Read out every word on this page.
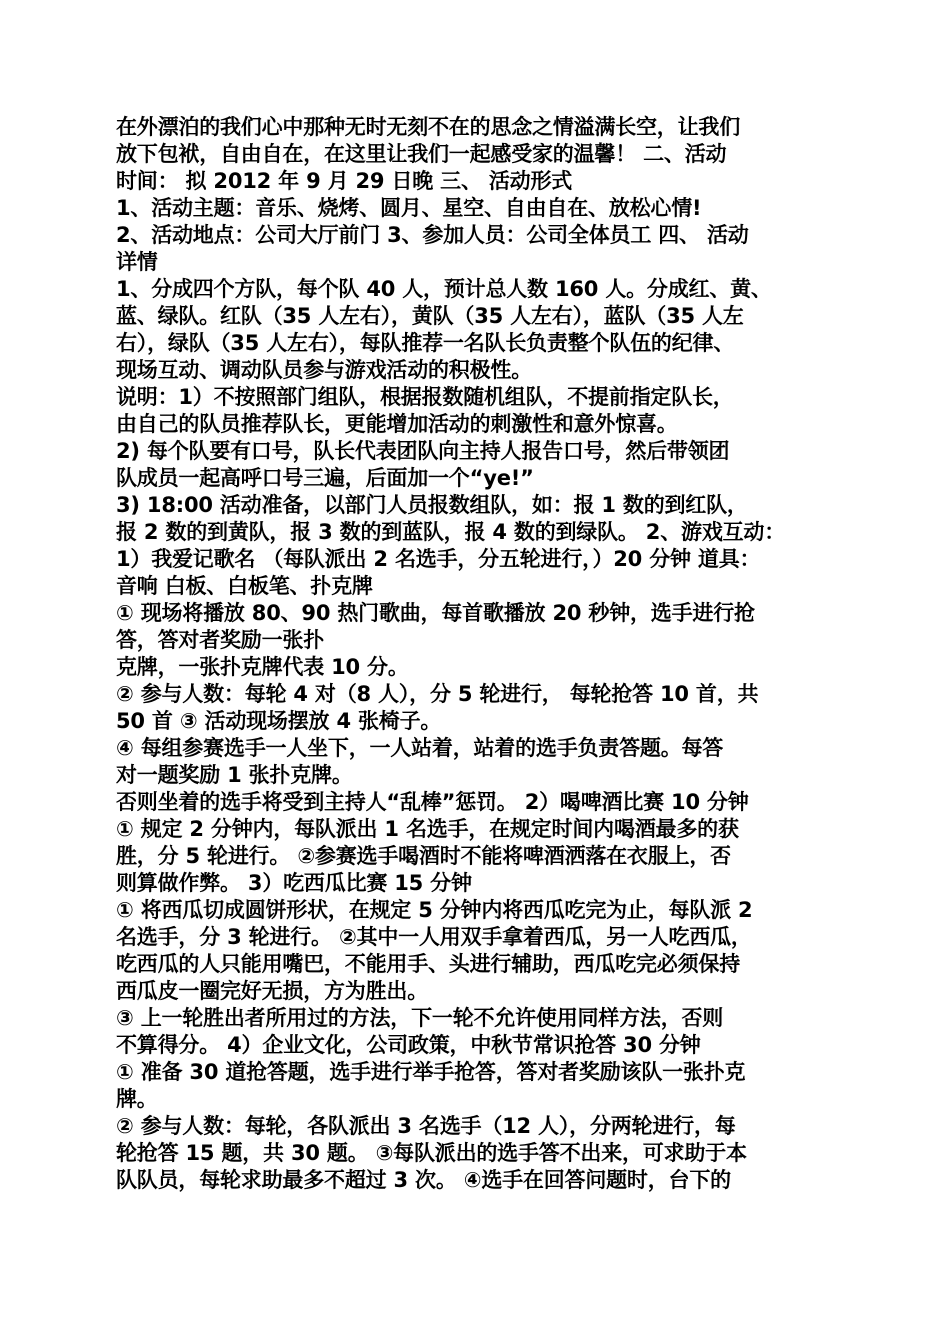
在外漂泊的我们心中那种无时无刻不在的思念之情溢满长空，让我们
放下包袱，自由自在，在这里让我们一起感受家的温馨！ 二、活动
时间： 拟 2012 年 9 月 29 日晚 三、 活动形式
1、活动主题：音乐、烧烤、圆月、星空、自由自在、放松心情!
2、活动地点：公司大厅前门 3、参加人员：公司全体员工 四、 活动
详情
1、分成四个方队，每个队 40 人，预计总人数 160 人。分成红、黄、
蓝、绿队。红队（35 人左右），黄队（35 人左右），蓝队（35 人左
右），绿队（35 人左右），每队推荐一名队长负责整个队伍的纪律、
现场互动、调动队员参与游戏活动的积极性。
说明：1）不按照部门组队，根据报数随机组队，不提前指定队长，
由自己的队员推荐队长，更能增加活动的刺激性和意外惊喜。
2) 每个队要有口号，队长代表团队向主持人报告口号，然后带领团
队成员一起高呼口号三遍，后面加一个“ye!”
3) 18:00 活动准备，以部门人员报数组队，如：报 1 数的到红队，
报 2 数的到黄队，报 3 数的到蓝队，报 4 数的到绿队。 2、游戏互动：
1）我爱记歌名 （每队派出 2 名选手，分五轮进行，）20 分钟 道具：
音响 白板、白板笔、扑克牌
① 现场将播放 80、90 热门歌曲，每首歌播放 20 秒钟，选手进行抢
答，答对者奖励一张扑
克牌，一张扑克牌代表 10 分。
② 参与人数：每轮 4 对（8 人），分 5 轮进行， 每轮抢答 10 首，共
50 首 ③ 活动现场摆放 4 张椅子。
④ 每组参赛选手一人坐下，一人站着，站着的选手负责答题。每答
对一题奖励 1 张扑克牌。
否则坐着的选手将受到主持人“乱棒”惩罚。 2）喝啤酒比赛 10 分钟
① 规定 2 分钟内，每队派出 1 名选手，在规定时间内喝酒最多的获
胜，分 5 轮进行。 ②参赛选手喝酒时不能将啤酒洒落在衣服上，否
则算做作弊。 3）吃西瓜比赛 15 分钟
① 将西瓜切成圆饼形状，在规定 5 分钟内将西瓜吃完为止，每队派 2
名选手，分 3 轮进行。 ②其中一人用双手拿着西瓜，另一人吃西瓜，
吃西瓜的人只能用嘴巴，不能用手、头进行辅助，西瓜吃完必须保持
西瓜皮一圈完好无损，方为胜出。
③ 上一轮胜出者所用过的方法，下一轮不允许使用同样方法，否则
不算得分。 4）企业文化，公司政策，中秋节常识抢答 30 分钟
① 准备 30 道抢答题，选手进行举手抢答，答对者奖励该队一张扑克
牌。
② 参与人数：每轮，各队派出 3 名选手（12 人），分两轮进行，每
轮抢答 15 题，共 30 题。 ③每队派出的选手答不出来，可求助于本
队队员，每轮求助最多不超过 3 次。 ④选手在回答问题时，台下的
